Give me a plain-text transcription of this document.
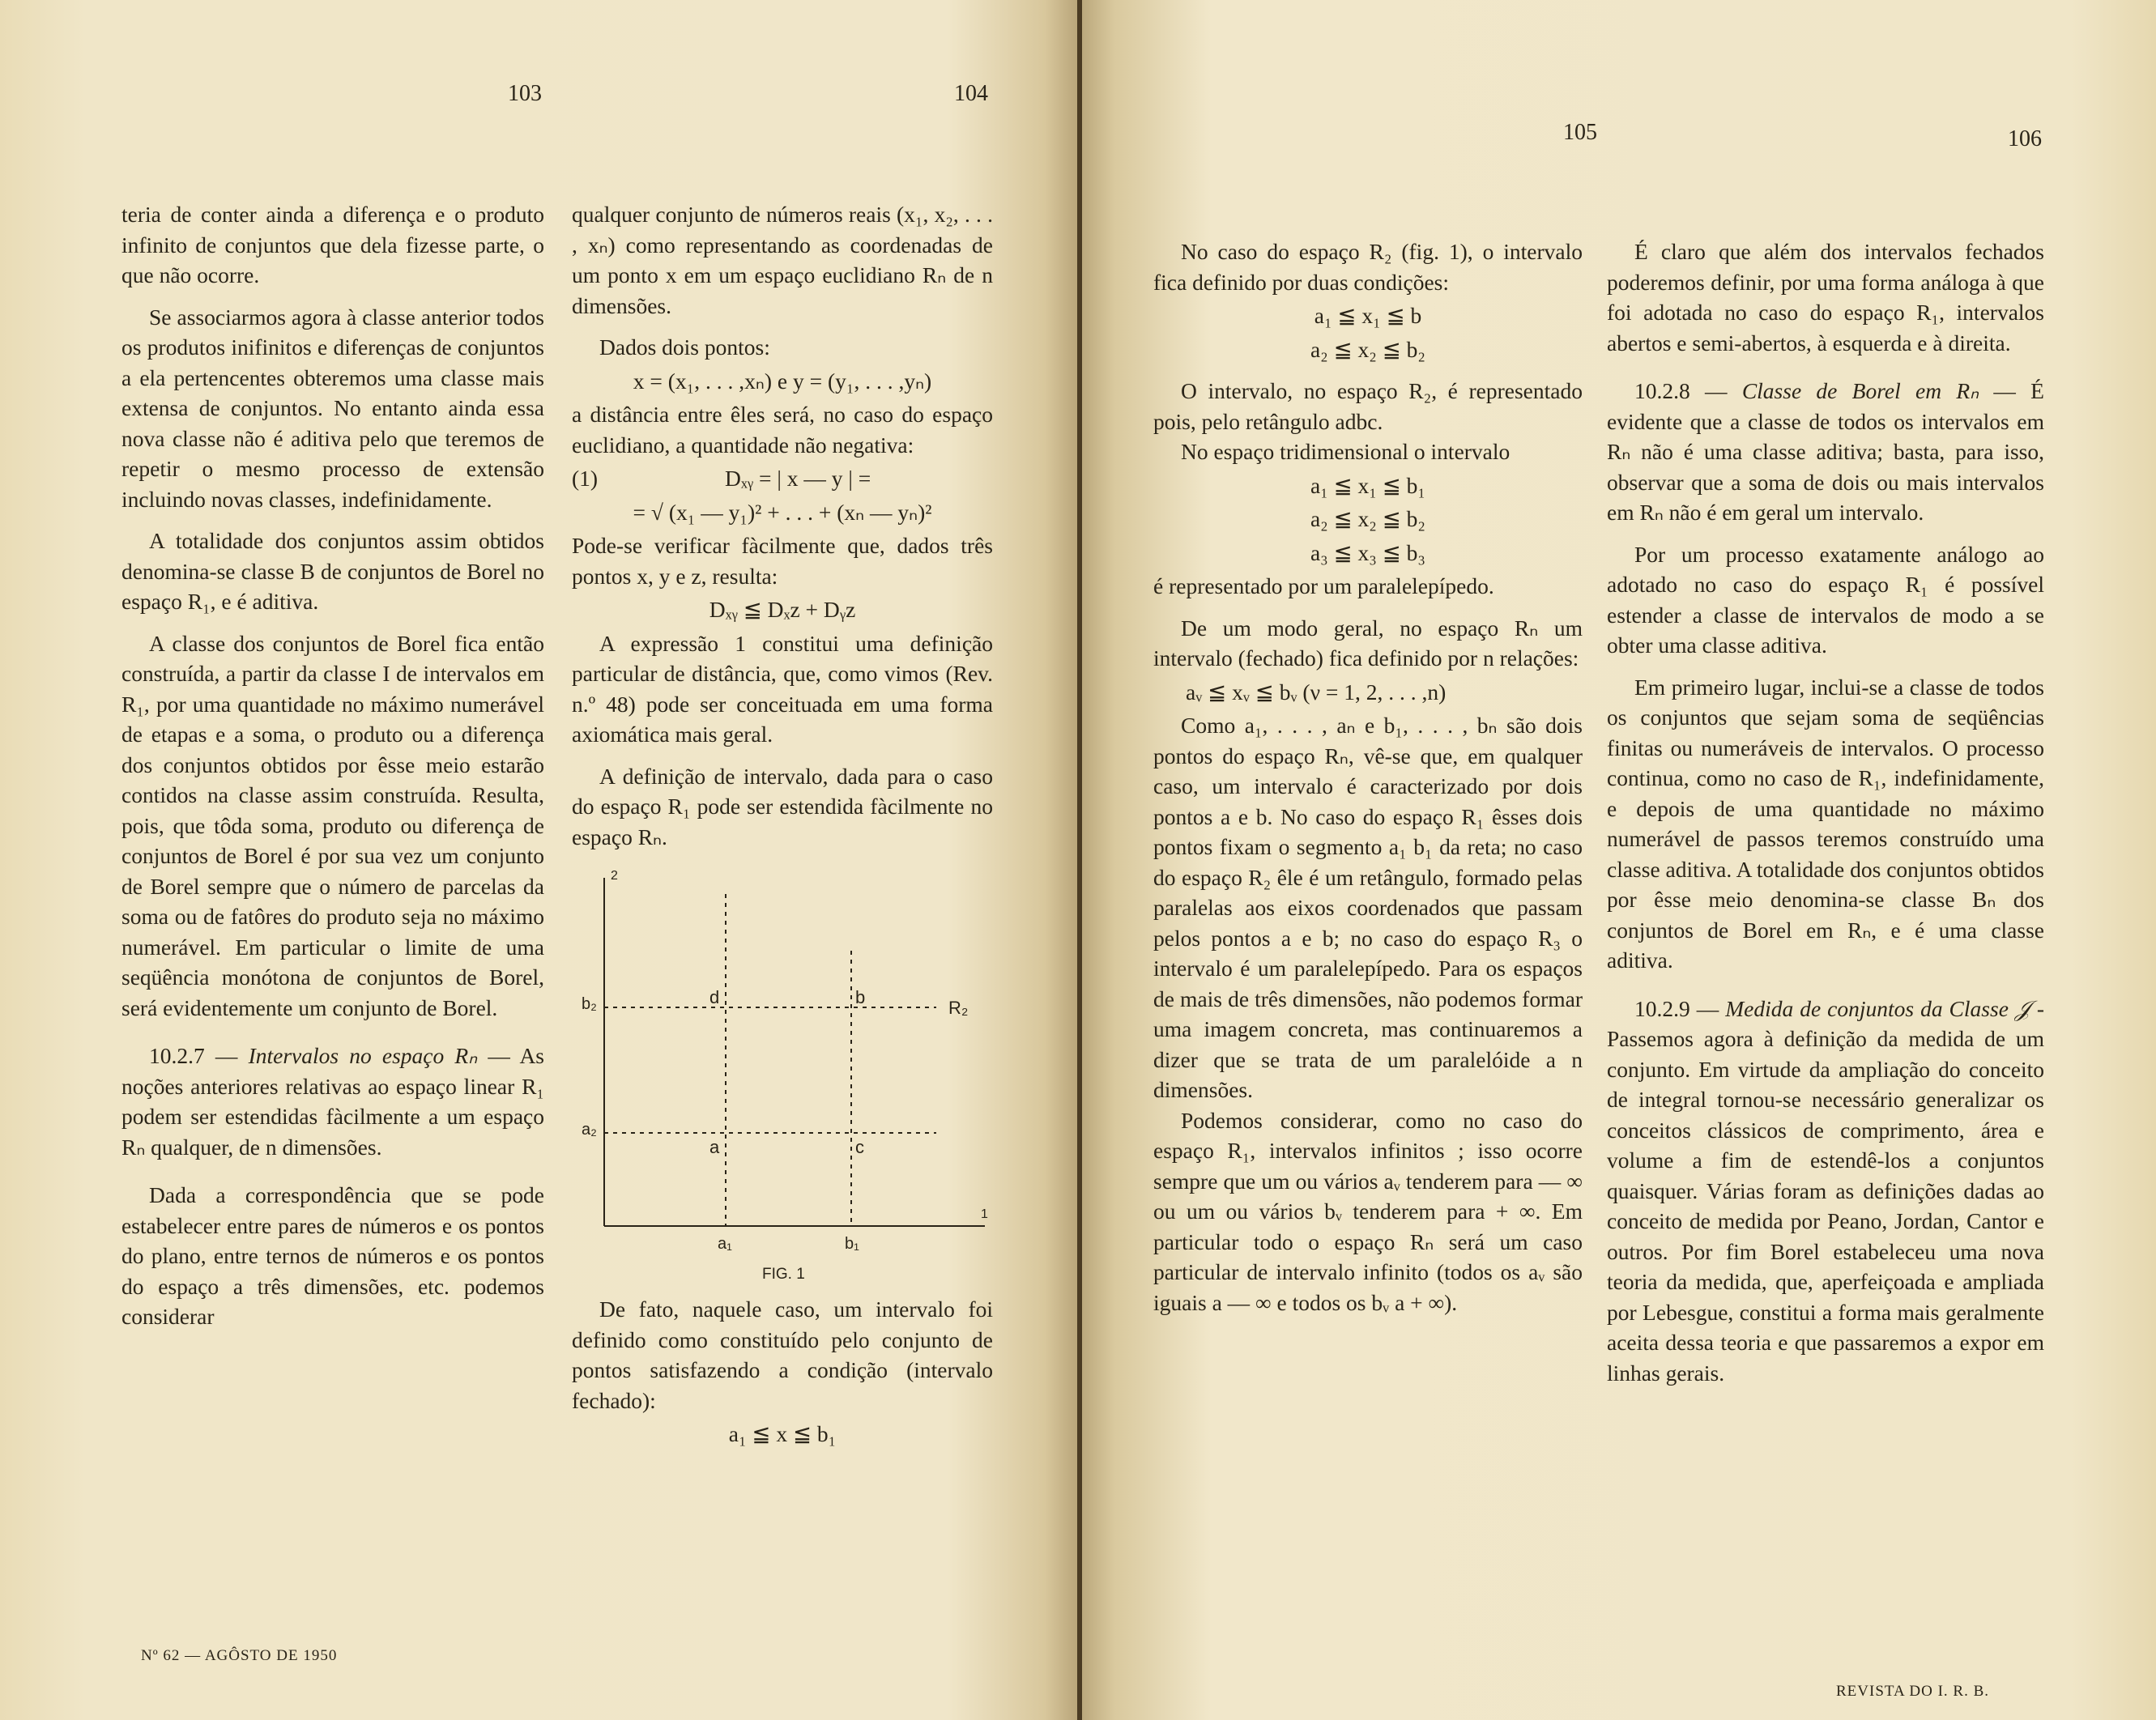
103	104

teria de conter ainda a diferença e o produto infinito de conjuntos que dela fizesse parte, o que não ocorre.

Se associarmos agora à classe anterior todos os produtos inifinitos e diferenças de conjuntos a ela pertencentes obteremos uma classe mais extensa de conjuntos. No entanto ainda essa nova classe não é aditiva pelo que teremos de repetir o mesmo processo de extensão incluindo novas classes, indefinidamente.

A totalidade dos conjuntos assim obtidos denomina-se classe B de conjuntos de Borel no espaço R₁, e é aditiva.

A classe dos conjuntos de Borel fica então construída, a partir da classe I de intervalos em R₁, por uma quantidade no máximo numerável de etapas e a soma, o produto ou a diferença dos conjuntos obtidos por êsse meio estarão contidos na classe assim construída. Resulta, pois, que tôda soma, produto ou diferença de conjuntos de Borel é por sua vez um conjunto de Borel sempre que o número de parcelas da soma ou de fatôres do produto seja no máximo numerável. Em particular o limite de uma seqüência monótona de conjuntos de Borel, será evidentemente um conjunto de Borel.

10.2.7 — Intervalos no espaço Rₙ — As noções anteriores relativas ao espaço linear R₁ podem ser estendidas fàcilmente a um espaço Rₙ qualquer, de n dimensões.

Dada a correspondência que se pode estabelecer entre pares de números e os pontos do plano, entre ternos de números e os pontos do espaço a três dimensões, etc. podemos considerar

qualquer conjunto de números reais (x₁, x₂, . . . , xₙ) como representando as coordenadas de um ponto x em um espaço euclidiano Rₙ de n dimensões.

Dados dois pontos:

x = (x₁, . . . ,xₙ) e y = (y₁, . . . ,yₙ)

a distância entre êles será, no caso do espaço euclidiano, a quantidade não negativa:

(1)	Dₓᵧ = | x — y | =
= √ (x₁ — y₁)² + . . . + (xₙ — yₙ)²

Pode-se verificar fàcilmente que, dados três pontos x, y e z, resulta:

Dₓᵧ ≦ Dₓz + Dᵧz

A expressão 1 constitui uma definição particular de distância, que, como vimos (Rev. n.º 48) pode ser conceituada em uma forma axiomática mais geral.

A definição de intervalo, dada para o caso do espaço R₁ pode ser estendida fàcilmente no espaço Rₙ.

2
1
b₂
a₂
a₁	b₁
d	b
a	c
R₂
FIG. 1

De fato, naquele caso, um intervalo foi definido como constituído pelo conjunto de pontos satisfazendo a condição (intervalo fechado):

a₁ ≦ x ≦ b₁
Nº 62 — AGÔSTO DE 1950
105	106

No caso do espaço R₂ (fig. 1), o intervalo fica definido por duas condições:

a₁ ≦ x₁ ≦ b
a₂ ≦ x₂ ≦ b₂

O intervalo, no espaço R₂, é representado pois, pelo retângulo adbc.

No espaço tridimensional o intervalo

a₁ ≦ x₁ ≦ b₁
a₂ ≦ x₂ ≦ b₂
a₃ ≦ x₃ ≦ b₃

é representado por um paralelepípedo.

De um modo geral, no espaço Rₙ um intervalo (fechado) fica definido por n relações:

aᵥ ≦ xᵥ ≦ bᵥ (ν = 1, 2, . . . ,n)

Como a₁, . . . , aₙ e b₁, . . . , bₙ são dois pontos do espaço Rₙ, vê-se que, em qualquer caso, um intervalo é caracterizado por dois pontos a e b. No caso do espaço R₁ êsses dois pontos fixam o segmento a₁ b₁ da reta; no caso do espaço R₂ êle é um retângulo, formado pelas paralelas aos eixos coordenados que passam pelos pontos a e b; no caso do espaço R₃ o intervalo é um paralelepípedo. Para os espaços de mais de três dimensões, não podemos formar uma imagem concreta, mas continuaremos a dizer que se trata de um paralelóide a n dimensões.

Podemos considerar, como no caso do espaço R₁, intervalos infinitos ; isso ocorre sempre que um ou vários aᵥ tenderem para — ∞ ou um ou vários bᵥ tenderem para + ∞. Em particular todo o espaço Rₙ será um caso particular de intervalo infinito (todos os aᵥ são iguais a — ∞ e todos os bᵥ a + ∞).

É claro que além dos intervalos fechados poderemos definir, por uma forma análoga à que foi adotada no caso do espaço R₁, intervalos abertos e semi-abertos, à esquerda e à direita.

10.2.8 — Classe de Borel em Rₙ — É evidente que a classe de todos os intervalos em Rₙ não é uma classe aditiva; basta, para isso, observar que a soma de dois ou mais intervalos em Rₙ não é em geral um intervalo.

Por um processo exatamente análogo ao adotado no caso do espaço R₁ é possível estender a classe de intervalos de modo a se obter uma classe aditiva.

Em primeiro lugar, inclui-se a classe de todos os conjuntos que sejam soma de seqüências finitas ou numeráveis de intervalos. O processo continua, como no caso de R₁, indefinidamente, e depois de uma quantidade no máximo numerável de passos teremos construído uma classe aditiva. A totalidade dos conjuntos obtidos por êsse meio denomina-se classe Bₙ dos conjuntos de Borel em Rₙ, e é uma classe aditiva.

10.2.9 — Medida de conjuntos da Classe 𝒥 - Passemos agora à definição da medida de um conjunto. Em virtude da ampliação do conceito de integral tornou-se necessário generalizar os conceitos clássicos de comprimento, área e volume a fim de estendê-los a conjuntos quaisquer. Várias foram as definições dadas ao conceito de medida por Peano, Jordan, Cantor e outros. Por fim Borel estabeleceu uma nova teoria da medida, que, aperfeiçoada e ampliada por Lebesgue, constitui a forma mais geralmente aceita dessa teoria e que passaremos a expor em linhas gerais.

REVISTA DO I. R. B.
